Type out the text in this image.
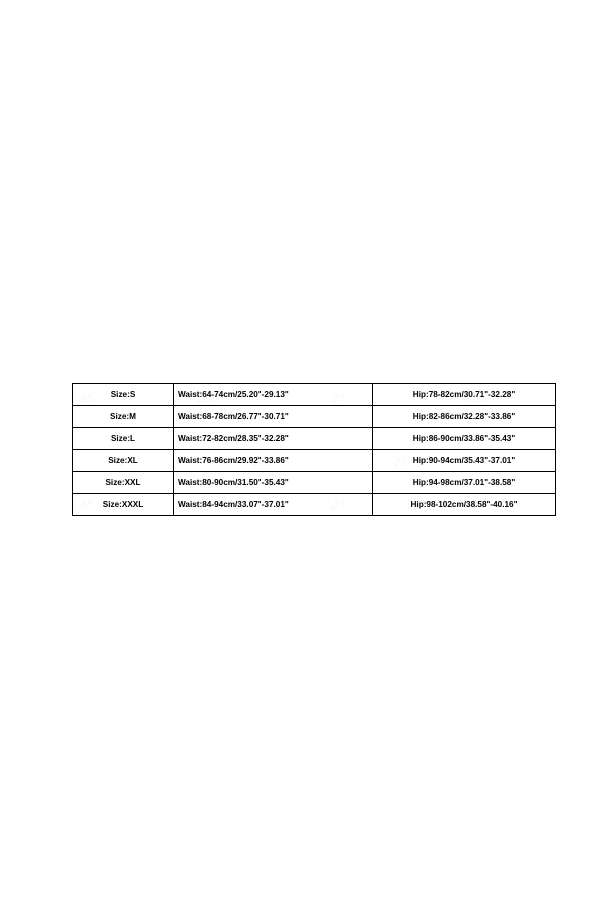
Size:S	Waist:64-74cm/25.20"-29.13"	Hip:78-82cm/30.71"-32.28"
Size:M	Waist:68-78cm/26.77"-30.71"	Hip:82-86cm/32.28"-33.86"
Size:L	Waist:72-82cm/28.35"-32.28"	Hip:86-90cm/33.86"-35.43"
Size:XL	Waist:76-86cm/29.92"-33.86"	Hip:90-94cm/35.43"-37.01"
Size:XXL	Waist:80-90cm/31.50"-35.43"	Hip:94-98cm/37.01"-38.58"
Size:XXXL	Waist:84-94cm/33.07"-37.01"	Hip:98-102cm/38.58"-40.16"
